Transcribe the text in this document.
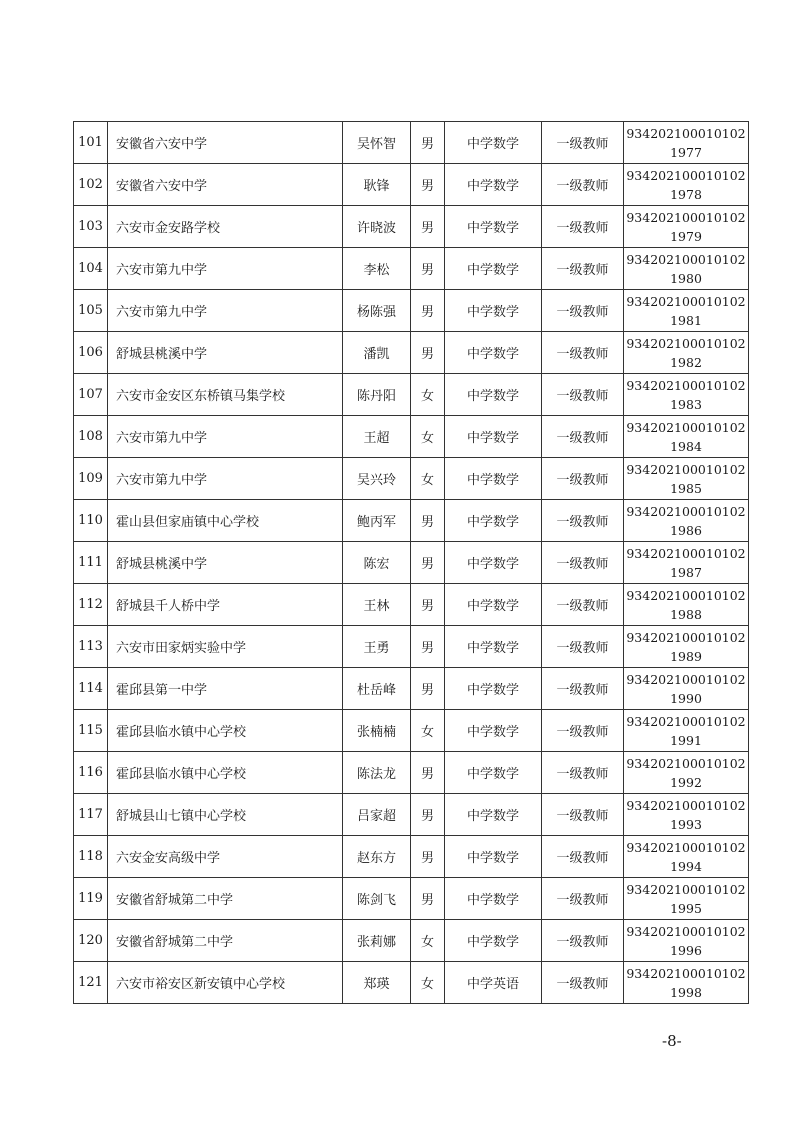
101	安徽省六安中学	吴怀智	男	中学数学	一级教师	9342021000101021977
102	安徽省六安中学	耿锋	男	中学数学	一级教师	9342021000101021978
103	六安市金安路学校	许晓波	男	中学数学	一级教师	9342021000101021979
104	六安市第九中学	李松	男	中学数学	一级教师	9342021000101021980
105	六安市第九中学	杨陈强	男	中学数学	一级教师	9342021000101021981
106	舒城县桃溪中学	潘凯	男	中学数学	一级教师	9342021000101021982
107	六安市金安区东桥镇马集学校	陈丹阳	女	中学数学	一级教师	9342021000101021983
108	六安市第九中学	王超	女	中学数学	一级教师	9342021000101021984
109	六安市第九中学	吴兴玲	女	中学数学	一级教师	9342021000101021985
110	霍山县但家庙镇中心学校	鲍丙军	男	中学数学	一级教师	9342021000101021986
111	舒城县桃溪中学	陈宏	男	中学数学	一级教师	9342021000101021987
112	舒城县千人桥中学	王林	男	中学数学	一级教师	9342021000101021988
113	六安市田家炳实验中学	王勇	男	中学数学	一级教师	9342021000101021989
114	霍邱县第一中学	杜岳峰	男	中学数学	一级教师	9342021000101021990
115	霍邱县临水镇中心学校	张楠楠	女	中学数学	一级教师	9342021000101021991
116	霍邱县临水镇中心学校	陈法龙	男	中学数学	一级教师	9342021000101021992
117	舒城县山七镇中心学校	吕家超	男	中学数学	一级教师	9342021000101021993
118	六安金安高级中学	赵东方	男	中学数学	一级教师	9342021000101021994
119	安徽省舒城第二中学	陈剑飞	男	中学数学	一级教师	9342021000101021995
120	安徽省舒城第二中学	张莉娜	女	中学数学	一级教师	9342021000101021996
121	六安市裕安区新安镇中心学校	郑瑛	女	中学英语	一级教师	9342021000101021998
-8-
